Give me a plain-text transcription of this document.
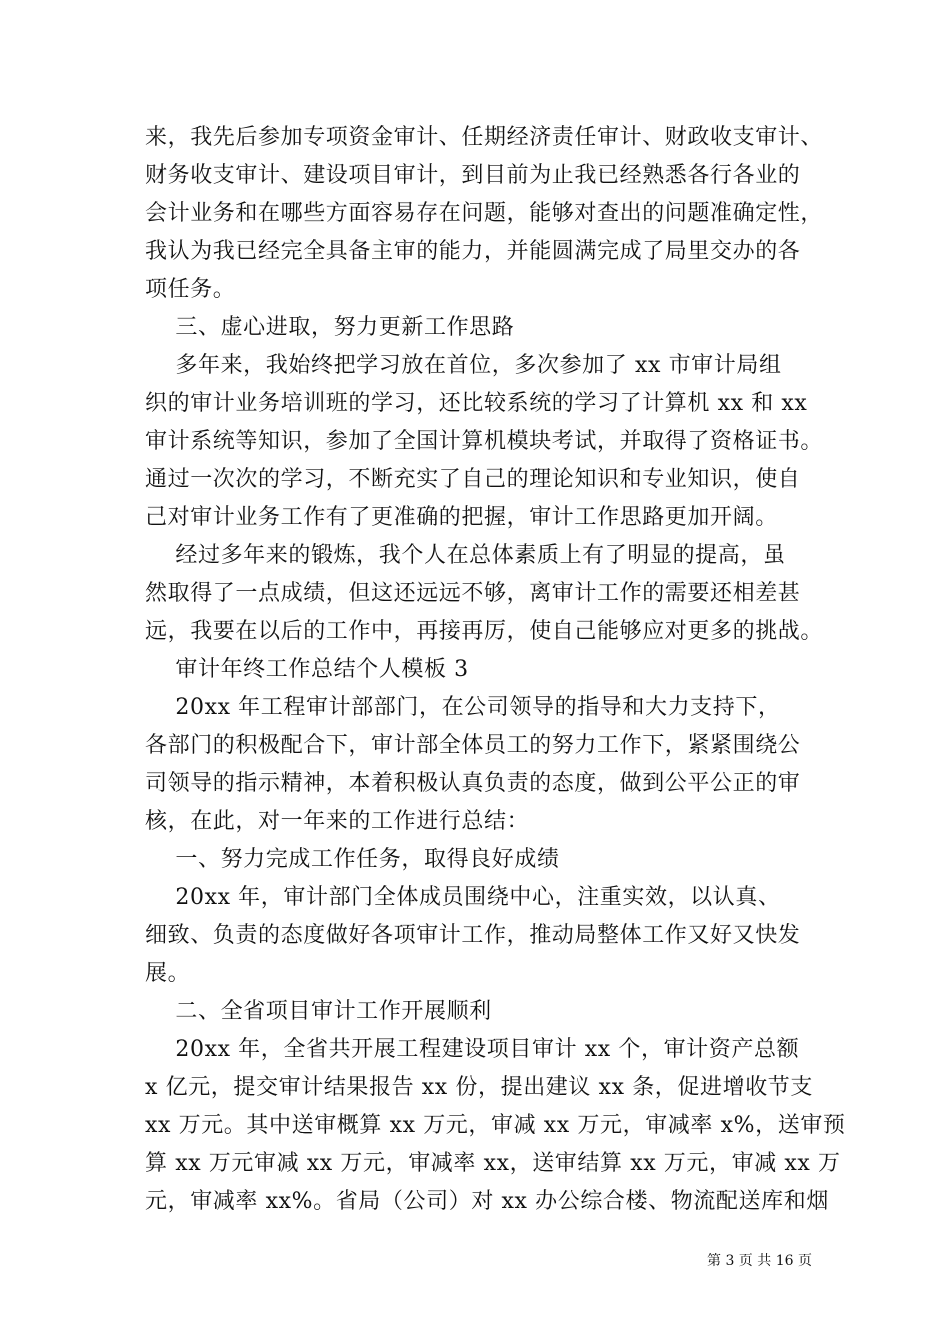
来，我先后参加专项资金审计、任期经济责任审计、财政收支审计、
财务收支审计、建设项目审计，到目前为止我已经熟悉各行各业的
会计业务和在哪些方面容易存在问题，能够对查出的问题准确定性，
我认为我已经完全具备主审的能力，并能圆满完成了局里交办的各
项任务。
三、虚心进取，努力更新工作思路
多年来，我始终把学习放在首位，多次参加了 xx 市审计局组
织的审计业务培训班的学习，还比较系统的学习了计算机 xx 和 xx
审计系统等知识，参加了全国计算机模块考试，并取得了资格证书。
通过一次次的学习，不断充实了自己的理论知识和专业知识，使自
己对审计业务工作有了更准确的把握，审计工作思路更加开阔。
经过多年来的锻炼，我个人在总体素质上有了明显的提高，虽
然取得了一点成绩，但这还远远不够，离审计工作的需要还相差甚
远，我要在以后的工作中，再接再厉，使自己能够应对更多的挑战。
审计年终工作总结个人模板 3
20xx 年工程审计部部门，在公司领导的指导和大力支持下，
各部门的积极配合下，审计部全体员工的努力工作下，紧紧围绕公
司领导的指示精神，本着积极认真负责的态度，做到公平公正的审
核，在此，对一年来的工作进行总结：
一、努力完成工作任务，取得良好成绩
20xx 年，审计部门全体成员围绕中心，注重实效，以认真、
细致、负责的态度做好各项审计工作，推动局整体工作又好又快发
展。
二、全省项目审计工作开展顺利
20xx 年，全省共开展工程建设项目审计 xx 个，审计资产总额
x 亿元，提交审计结果报告 xx 份，提出建议 xx 条，促进增收节支
xx 万元。其中送审概算 xx 万元，审减 xx 万元，审减率 x%，送审预
算 xx 万元审减 xx 万元，审减率 xx，送审结算 xx 万元，审减 xx 万
元，审减率 xx%。省局（公司）对 xx 办公综合楼、物流配送库和烟
第 3 页 共 16 页
